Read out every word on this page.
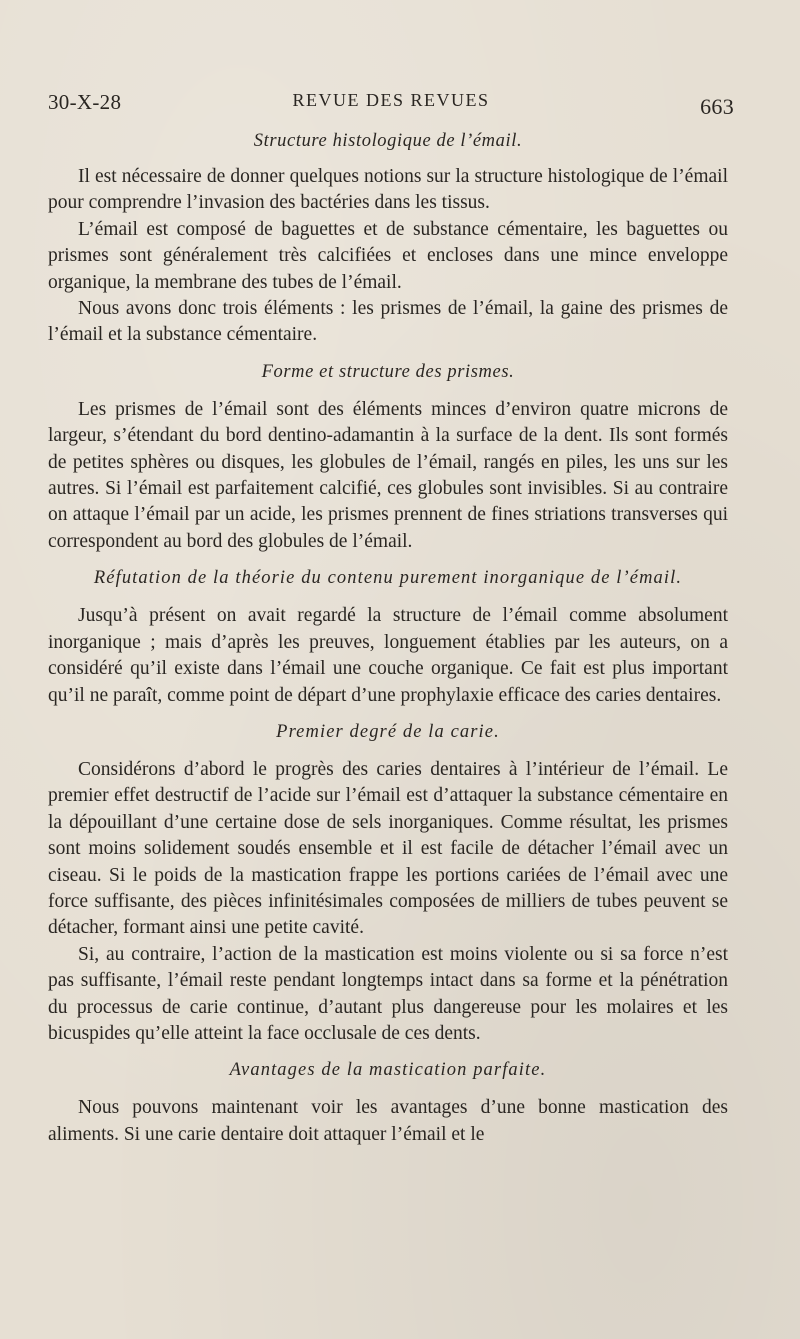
30-X-28	REVUE DES REVUES	663
Structure histologique de l’émail.

Il est nécessaire de donner quelques notions sur la structure histologique de l’émail pour comprendre l’invasion des bactéries dans les tissus.

L’émail est composé de baguettes et de substance cémentaire, les baguettes ou prismes sont généralement très calcifiées et encloses dans une mince enveloppe organique, la membrane des tubes de l’émail.

Nous avons donc trois éléments : les prismes de l’émail, la gaine des prismes de l’émail et la substance cémentaire.

Forme et structure des prismes.

Les prismes de l’émail sont des éléments minces d’environ quatre microns de largeur, s’étendant du bord dentino-adamantin à la surface de la dent. Ils sont formés de petites sphères ou disques, les globules de l’émail, rangés en piles, les uns sur les autres. Si l’émail est parfaitement calcifié, ces globules sont invisibles. Si au contraire on attaque l’émail par un acide, les prismes prennent de fines striations transverses qui correspondent au bord des globules de l’émail.

Réfutation de la théorie du contenu purement inorganique de l’émail.

Jusqu’à présent on avait regardé la structure de l’émail comme absolument inorganique ; mais d’après les preuves, longuement établies par les auteurs, on a considéré qu’il existe dans l’émail une couche organique. Ce fait est plus important qu’il ne paraît, comme point de départ d’une prophylaxie efficace des caries dentaires.

Premier degré de la carie.

Considérons d’abord le progrès des caries dentaires à l’intérieur de l’émail. Le premier effet destructif de l’acide sur l’émail est d’attaquer la substance cémentaire en la dépouillant d’une certaine dose de sels inorganiques. Comme résultat, les prismes sont moins solidement soudés ensemble et il est facile de détacher l’émail avec un ciseau. Si le poids de la mastication frappe les portions cariées de l’émail avec une force suffisante, des pièces infinitésimales composées de milliers de tubes peuvent se détacher, formant ainsi une petite cavité.

Si, au contraire, l’action de la mastication est moins violente ou si sa force n’est pas suffisante, l’émail reste pendant longtemps intact dans sa forme et la pénétration du processus de carie continue, d’autant plus dangereuse pour les molaires et les bicuspides qu’elle atteint la face occlusale de ces dents.

Avantages de la mastication parfaite.

Nous pouvons maintenant voir les avantages d’une bonne mastication des aliments. Si une carie dentaire doit attaquer l’émail et le
